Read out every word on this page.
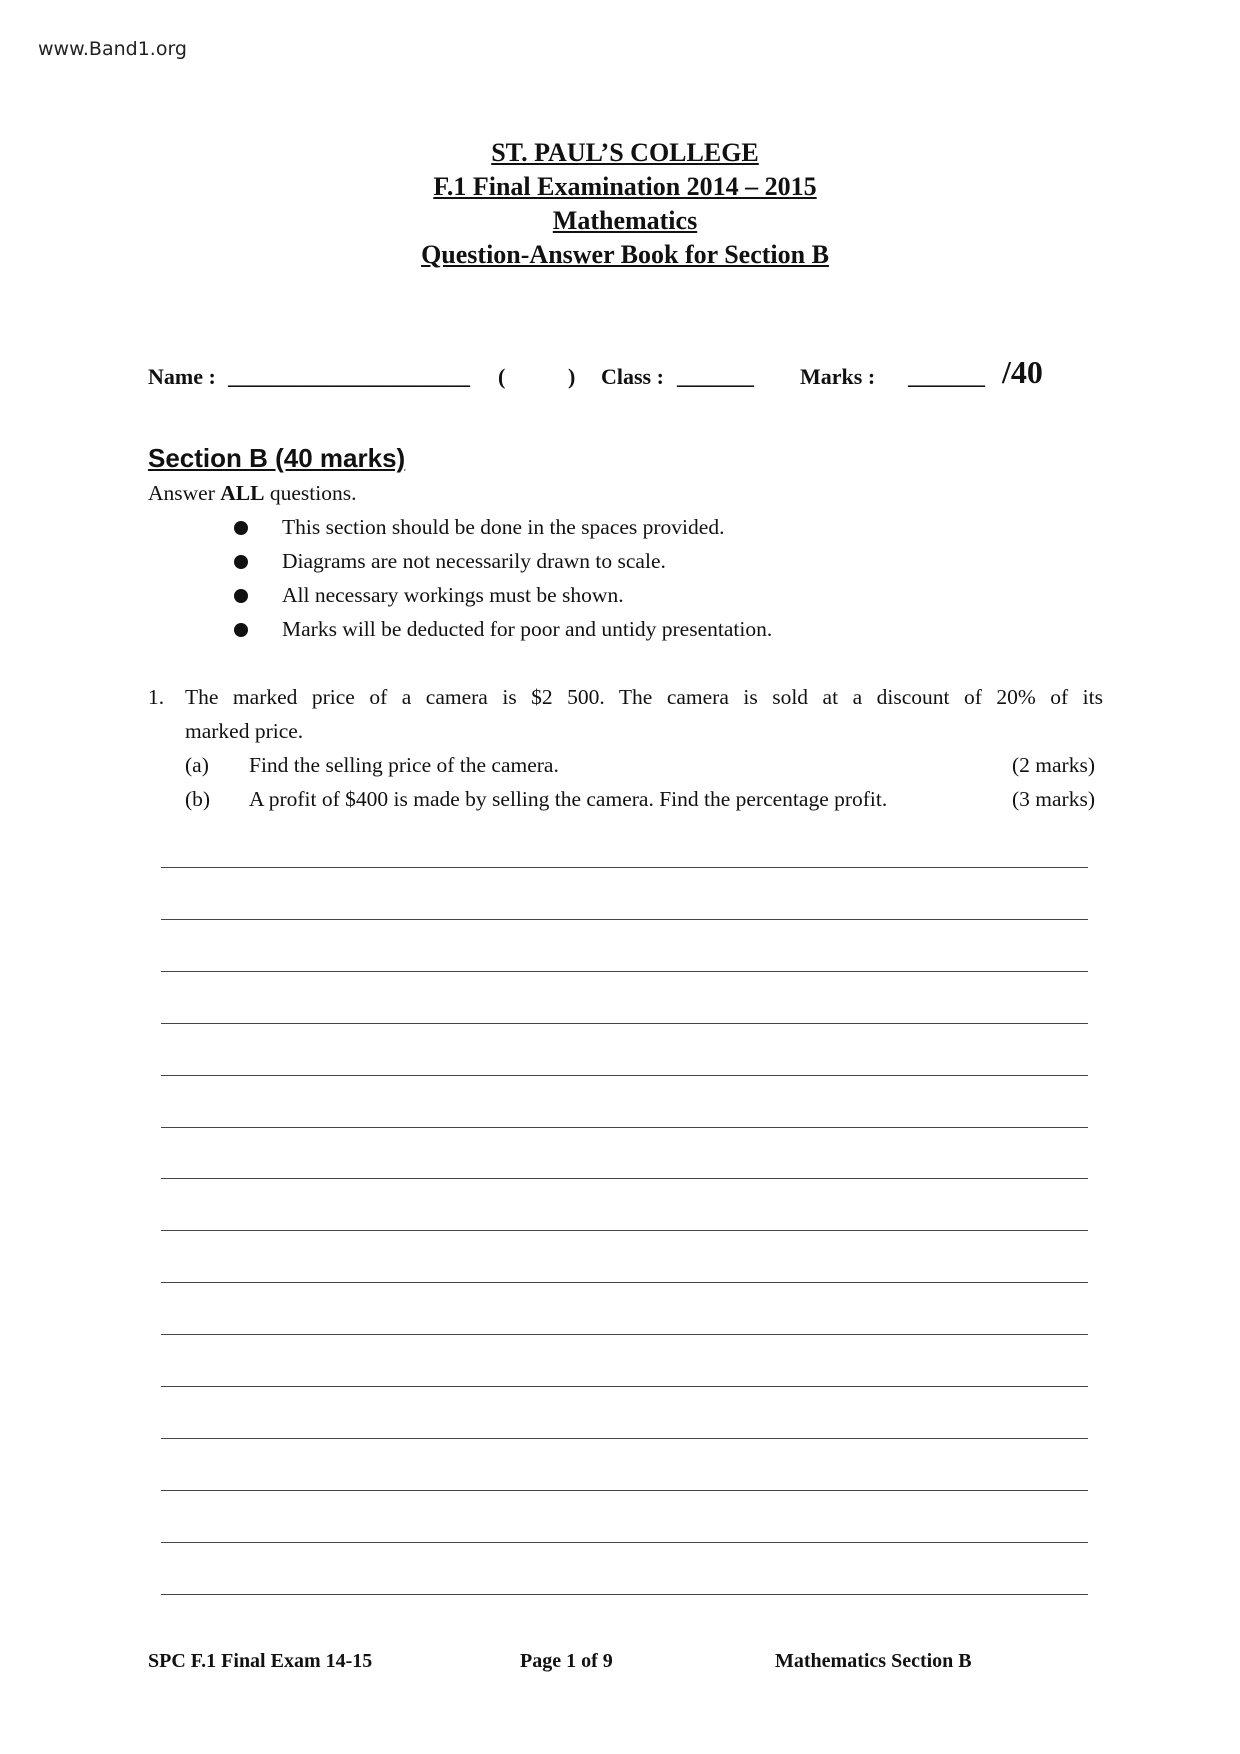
www.Band1.org
ST. PAUL’S COLLEGE
F.1 Final Examination 2014 – 2015
Mathematics
Question-Answer Book for Section B
Name : ______________________ (	) Class : _______ Marks : _______ /40
Section B (40 marks)
Answer ALL questions.
This section should be done in the spaces provided.
Diagrams are not necessarily drawn to scale.
All necessary workings must be shown.
Marks will be deducted for poor and untidy presentation.
1. The marked price of a camera is $2 500. The camera is sold at a discount of 20% of its
marked price.
(a) Find the selling price of the camera.	(2 marks)
(b) A profit of $400 is made by selling the camera. Find the percentage profit.	(3 marks)
SPC F.1 Final Exam 14-15	Page 1 of 9	Mathematics Section B
